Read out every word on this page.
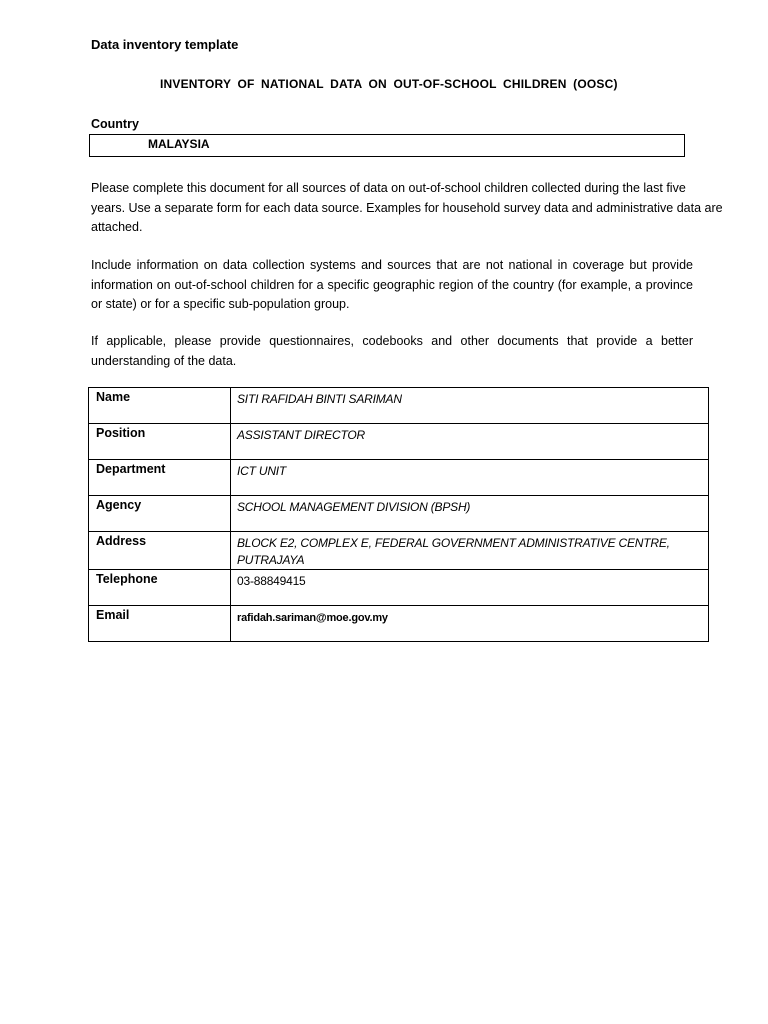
Data inventory template
INVENTORY OF NATIONAL DATA ON OUT-OF-SCHOOL CHILDREN (OOSC)
Country
MALAYSIA

Please complete this document for all sources of data on out-of-school children collected during the last five years. Use a separate form for each data source. Examples for household survey data and administrative data are attached.

Include information on data collection systems and sources that are not national in coverage but provide information on out-of-school children for a specific geographic region of the country (for example, a province or state) or for a specific sub-population group.

If applicable, please provide questionnaires, codebooks and other documents that provide a better understanding of the data.

Name	SITI RAFIDAH BINTI SARIMAN
Position	ASSISTANT DIRECTOR
Department	ICT UNIT
Agency	SCHOOL MANAGEMENT DIVISION (BPSH)
Address	BLOCK E2, COMPLEX E, FEDERAL GOVERNMENT ADMINISTRATIVE CENTRE, PUTRAJAYA
Telephone	03-88849415
Email	rafidah.sariman@moe.gov.my
